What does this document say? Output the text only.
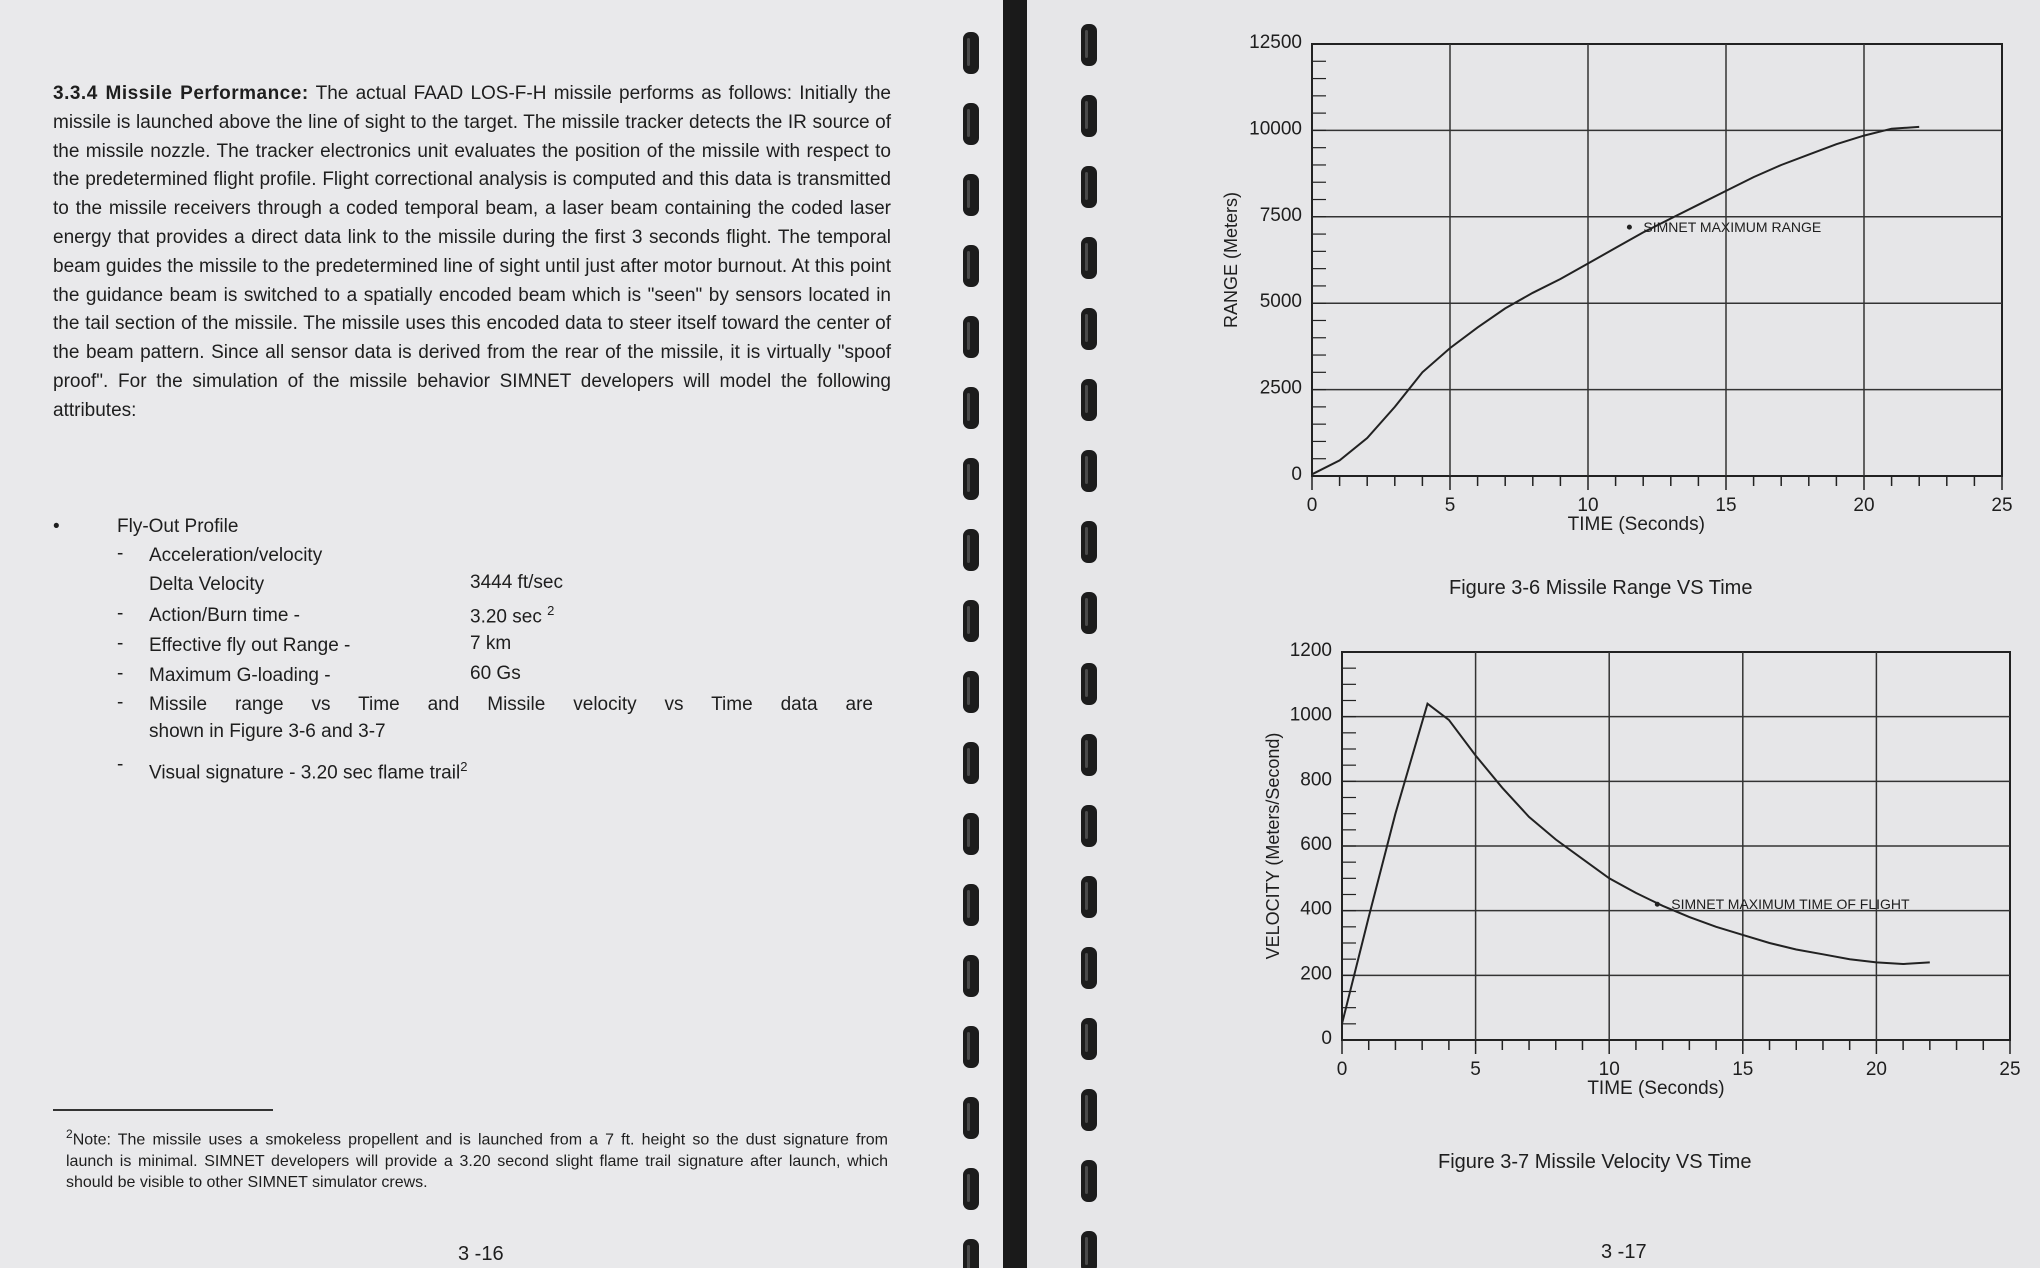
3.3.4 Missile Performance: The actual FAAD LOS-F-H missile performs as follows: Initially the missile is launched above the line of sight to the target. The missile tracker detects the IR source of the missile nozzle. The tracker electronics unit evaluates the position of the missile with respect to the predetermined flight profile. Flight correctional analysis is computed and this data is transmitted to the missile receivers through a coded temporal beam, a laser beam containing the coded laser energy that provides a direct data link to the missile during the first 3 seconds flight. The temporal beam guides the missile to the predetermined line of sight until just after motor burnout. At this point the guidance beam is switched to a spatially encoded beam which is "seen" by sensors located in the tail section of the missile. The missile uses this encoded data to steer itself toward the center of the beam pattern. Since all sensor data is derived from the rear of the missile, it is virtually "spoof proof". For the simulation of the missile behavior SIMNET developers will model the following attributes:

•	Fly-Out Profile
- Acceleration/velocity
Delta Velocity	3444 ft/sec
- Action/Burn time -	3.20 sec $^2$
- Effective fly out Range -	7 km
- Maximum G-loading -	60 Gs
- Missile range vs Time and Missile velocity vs Time data are
shown in Figure 3-6 and 3-7
- Visual signature - 3.20 sec flame trail$^2$

$^2$Note: The missile uses a smokeless propellent and is launched from a 7 ft. height so the dust signature from launch is minimal. SIMNET developers will provide a 3.20 second slight flame trail signature after launch, which should be visible to other SIMNET simulator crews.

3 -16
0	5	10	15	20	25
0
2500
5000
7500
10000
12500
TIME (Seconds)
RANGE (Meters)	SIMNET MAXIMUM RANGE
Figure 3-6 Missile Range VS Time
0	5	10	15	20	25
0
200
400
600
800
1000
1200
TIME (Seconds)
VELOCITY (Meters/Second)	SIMNET MAXIMUM TIME OF FLIGHT
Figure 3-7 Missile Velocity VS Time
3 -17
